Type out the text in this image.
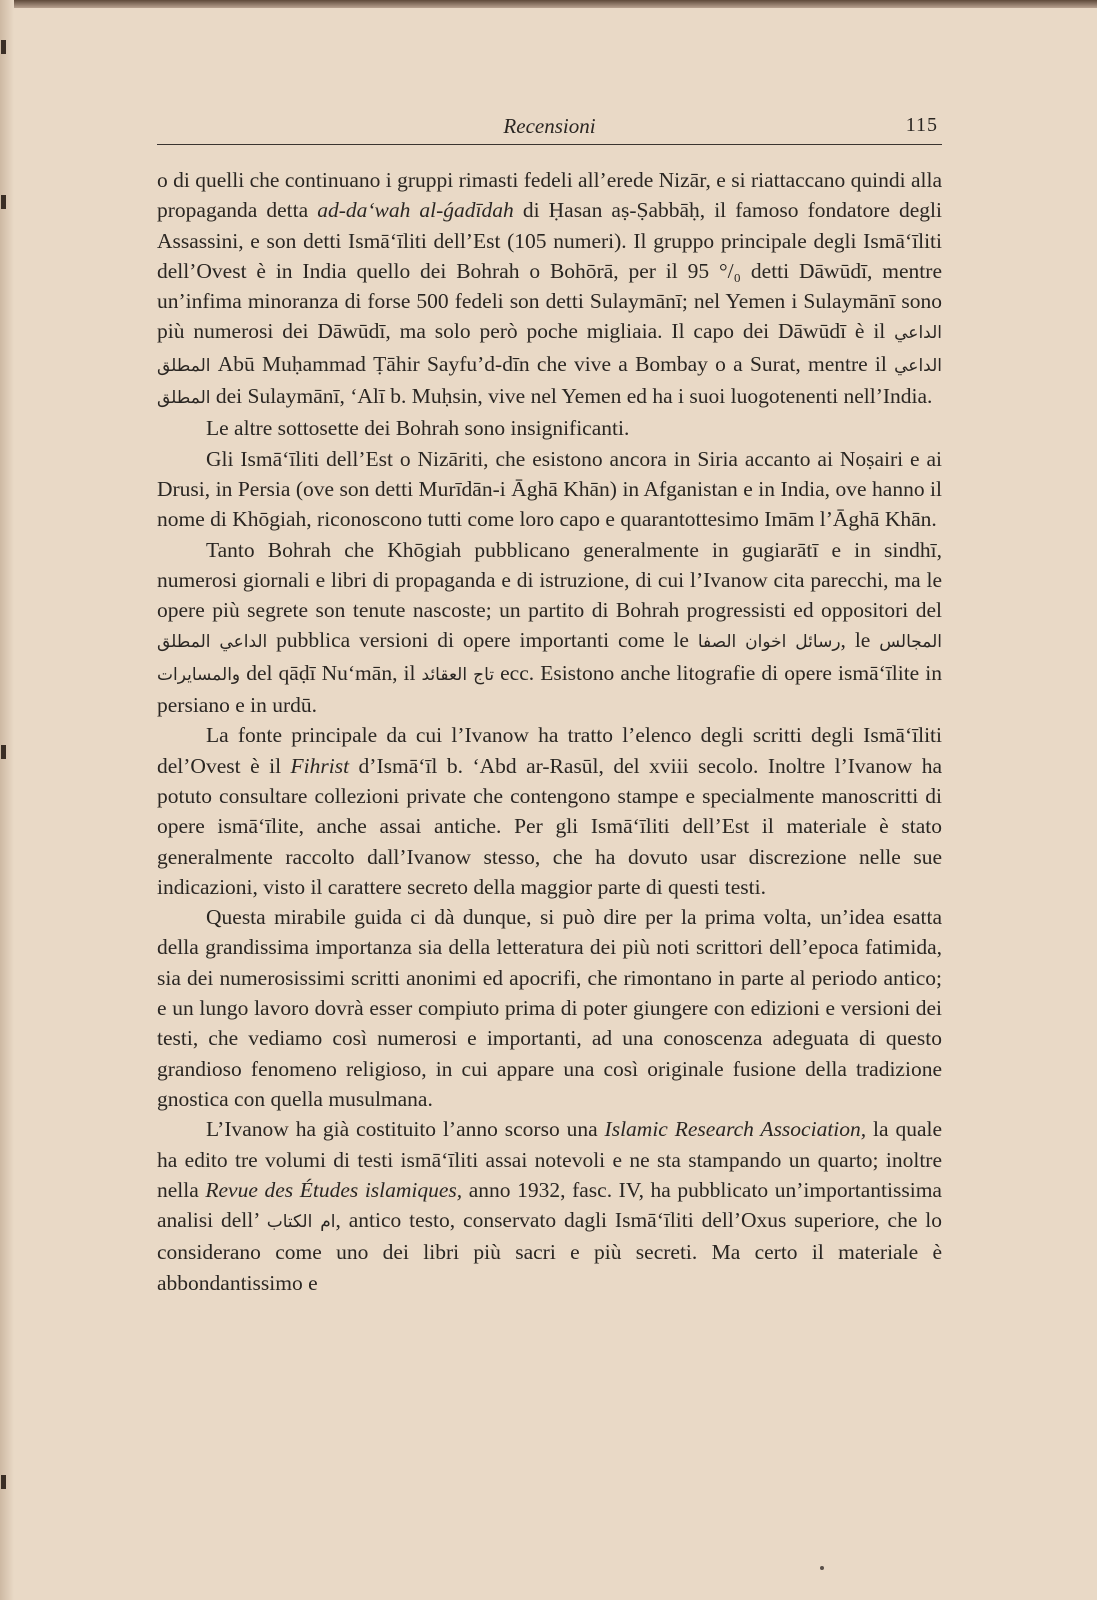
Recensioni	115

o di quelli che continuano i gruppi rimasti fedeli all’erede Nizār, e si riattaccano quindi alla propaganda detta ad-da‘wah al-ǵadīdah di Ḥasan aṣ-Ṣabbāḥ, il famoso fondatore degli Assassini, e son detti Ismā‘īliti dell’Est (105 numeri). Il gruppo principale degli Ismā‘īliti dell’Ovest è in India quello dei Bohrah o Bohōrā, per il 95 °/₀ detti Dāwūdī, mentre un’infima minoranza di forse 500 fedeli son detti Sulaymānī; nel Yemen i Sulaymānī sono più numerosi dei Dāwūdī, ma solo però poche migliaia. Il capo dei Dāwūdī è il الداعي المطلق Abū Muḥammad Ṭāhir Sayfu’d-dīn che vive a Bombay o a Surat, mentre il الداعي المطلق dei Sulaymānī, ‘Alī b. Muḥsin, vive nel Yemen ed ha i suoi luogotenenti nell’India.

Le altre sottosette dei Bohrah sono insignificanti.

Gli Ismā‘īliti dell’Est o Nizāriti, che esistono ancora in Siria accanto ai Noṣairi e ai Drusi, in Persia (ove son detti Murīdān-i Āghā Khān) in Afganistan e in India, ove hanno il nome di Khōgiah, riconoscono tutti come loro capo e quarantottesimo Imām l’Āghā Khān.

Tanto Bohrah che Khōgiah pubblicano generalmente in gugiarātī e in sindhī, numerosi giornali e libri di propaganda e di istruzione, di cui l’Ivanow cita parecchi, ma le opere più segrete son tenute nascoste; un partito di Bohrah progressisti ed oppositori del الداعي المطلق pubblica versioni di opere importanti come le رسائل اخوان الصفا, le المجالس والمسايرات del qāḍī Nu‘mān, il تاج العقائد ecc. Esistono anche litografie di opere ismā‘īlite in persiano e in urdū.

La fonte principale da cui l’Ivanow ha tratto l’elenco degli scritti degli Ismā‘īliti del’Ovest è il Fihrist d’Ismā‘īl b. ‘Abd ar-Rasūl, del xviii secolo. Inoltre l’Ivanow ha potuto consultare collezioni private che contengono stampe e specialmente manoscritti di opere ismā‘īlite, anche assai antiche. Per gli Ismā‘īliti dell’Est il materiale è stato generalmente raccolto dall’Ivanow stesso, che ha dovuto usar discrezione nelle sue indicazioni, visto il carattere secreto della maggior parte di questi testi.

Questa mirabile guida ci dà dunque, si può dire per la prima volta, un’idea esatta della grandissima importanza sia della letteratura dei più noti scrittori dell’epoca fatimida, sia dei numerosissimi scritti anonimi ed apocrifi, che rimontano in parte al periodo antico; e un lungo lavoro dovrà esser compiuto prima di poter giungere con edizioni e versioni dei testi, che vediamo così numerosi e importanti, ad una conoscenza adeguata di questo grandioso fenomeno religioso, in cui appare una così originale fusione della tradizione gnostica con quella musulmana.

L’Ivanow ha già costituito l’anno scorso una Islamic Research Association, la quale ha edito tre volumi di testi ismā‘īliti assai notevoli e ne sta stampando un quarto; inoltre nella Revue des Études islamiques, anno 1932, fasc. IV, ha pubblicato un’importantissima analisi dell’ ام الكتاب, antico testo, conservato dagli Ismā‘īliti dell’Oxus superiore, che lo considerano come uno dei libri più sacri e più secreti. Ma certo il materiale è abbondantissimo e
